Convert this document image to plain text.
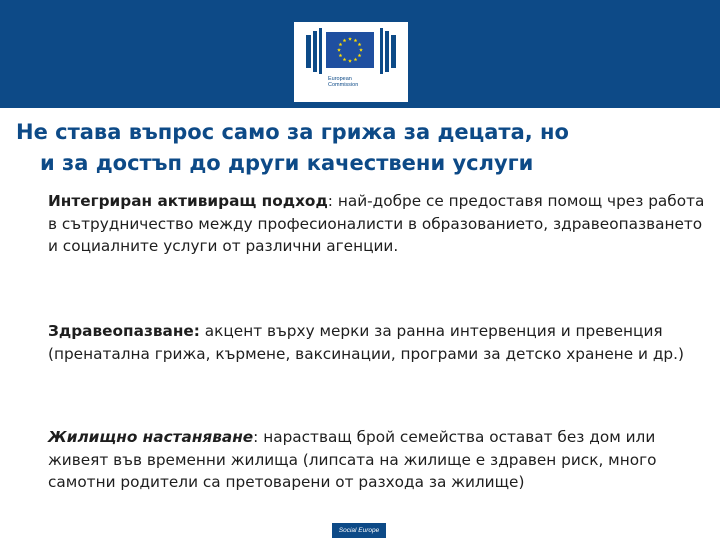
European
Commission
Не става въпрос само за грижа за децата, но
и за достъп до други качествени услуги
Интегриран активиращ подход: най-добре се предоставя помощ чрез работа в сътрудничество между професионалисти в образованието, здравеопазването и социалните услуги от различни агенции.
Здравеопазване: акцент върху мерки за ранна интервенция и превенция (пренатална грижа, кърмене, ваксинации, програми за детско хранене и др.)
Жилищно настаняване: нарастващ брой семейства остават без дом или живеят във временни жилища (липсата на жилище е здравен риск, много самотни родители са претоварени от разхода за жилище)
Social Europe
